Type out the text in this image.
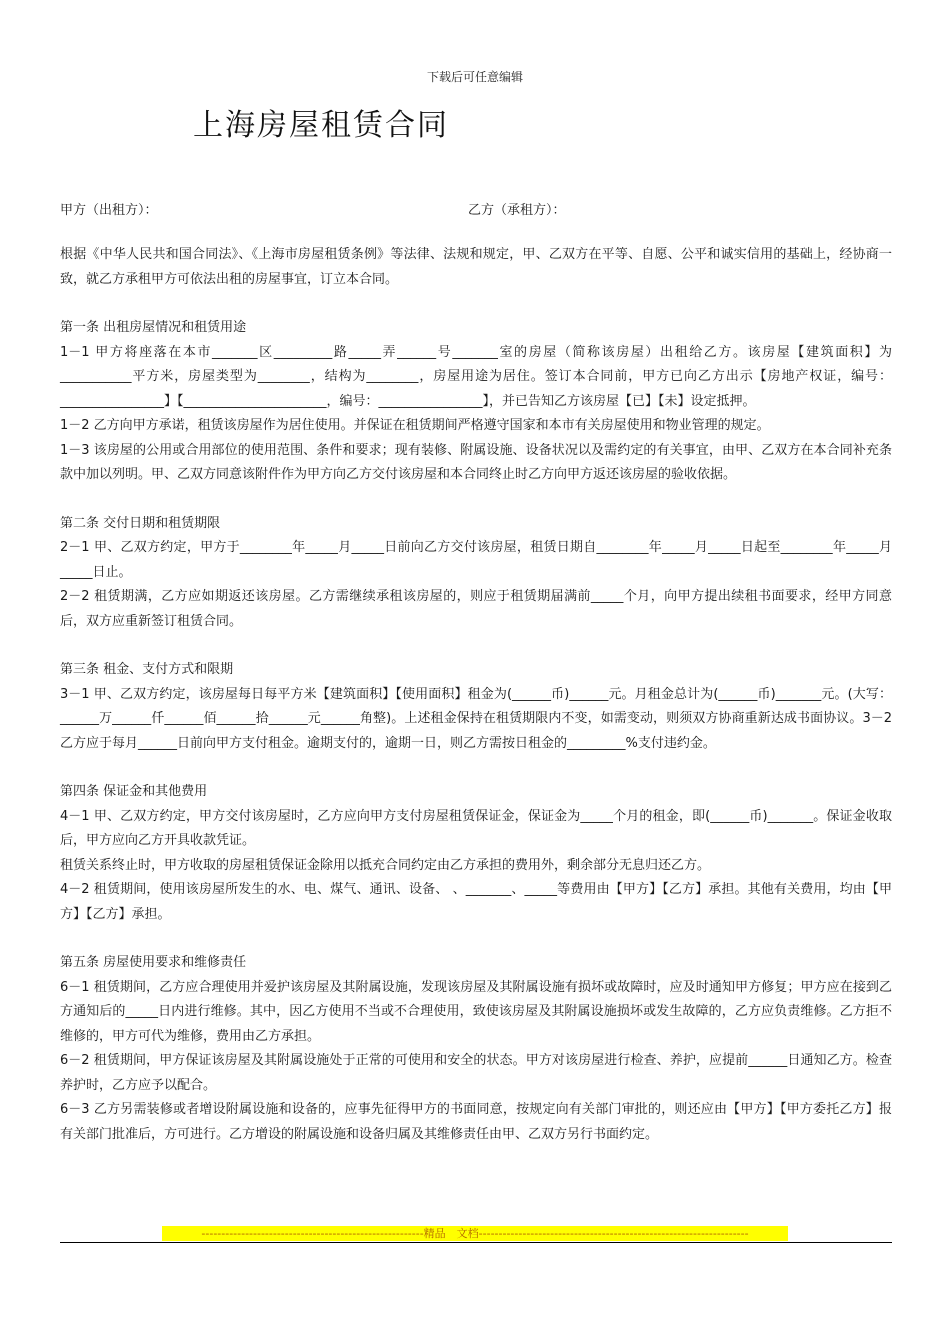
下载后可任意编辑
上海房屋租赁合同
甲方（出租方）：	乙方（承租方）：

根据《中华人民共和国合同法》、《上海市房屋租赁条例》等法律、法规和规定，甲、乙双方在平等、自愿、公平和诚实信用的基础上，经协商一致，就乙方承租甲方可依法出租的房屋事宜，订立本合同。

第一条 出租房屋情况和租赁用途

1－1 甲方将座落在本市_______区_________路_____弄______号_______室的房屋（简称该房屋）出租给乙方。该房屋【建筑面积】为___________平方米，房屋类型为________，结构为________，房屋用途为居住。签订本合同前，甲方已向乙方出示【房地产权证，编号：________________】【______________________，编号：________________】，并已告知乙方该房屋【已】【未】设定抵押。

1－2 乙方向甲方承诺，租赁该房屋作为居住使用。并保证在租赁期间严格遵守国家和本市有关房屋使用和物业管理的规定。

1－3 该房屋的公用或合用部位的使用范围、条件和要求；现有装修、附属设施、设备状况以及需约定的有关事宜，由甲、乙双方在本合同补充条款中加以列明。甲、乙双方同意该附件作为甲方向乙方交付该房屋和本合同终止时乙方向甲方返还该房屋的验收依据。

第二条 交付日期和租赁期限

2－1 甲、乙双方约定，甲方于________年_____月_____日前向乙方交付该房屋，租赁日期自________年_____月_____日起至________年_____月_____日止。

2－2 租赁期满，乙方应如期返还该房屋。乙方需继续承租该房屋的，则应于租赁期届满前_____个月，向甲方提出续租书面要求，经甲方同意后，双方应重新签订租赁合同。

第三条 租金、支付方式和限期

3－1 甲、乙双方约定，该房屋每日每平方米【建筑面积】【使用面积】租金为(______币)______元。月租金总计为(______币)_______元。(大写：______万______仟______佰______拾______元______角整)。上述租金保持在租赁期限内不变，如需变动，则须双方协商重新达成书面协议。3－2 乙方应于每月______日前向甲方支付租金。逾期支付的，逾期一日，则乙方需按日租金的_________%支付违约金。

第四条 保证金和其他费用

4－1 甲、乙双方约定，甲方交付该房屋时，乙方应向甲方支付房屋租赁保证金，保证金为_____个月的租金，即(______币)_______。保证金收取后，甲方应向乙方开具收款凭证。

租赁关系终止时，甲方收取的房屋租赁保证金除用以抵充合同约定由乙方承担的费用外，剩余部分无息归还乙方。

4－2 租赁期间，使用该房屋所发生的水、电、煤气、通讯、设备、 、_______、_____等费用由【甲方】【乙方】承担。其他有关费用，均由【甲方】【乙方】承担。

第五条 房屋使用要求和维修责任

6－1 租赁期间，乙方应合理使用并爱护该房屋及其附属设施，发现该房屋及其附属设施有损坏或故障时，应及时通知甲方修复；甲方应在接到乙方通知后的_____日内进行维修。其中，因乙方使用不当或不合理使用，致使该房屋及其附属设施损坏或发生故障的，乙方应负责维修。乙方拒不维修的，甲方可代为维修，费用由乙方承担。

6－2 租赁期间，甲方保证该房屋及其附属设施处于正常的可使用和安全的状态。甲方对该房屋进行检查、养护，应提前______日通知乙方。检查养护时，乙方应予以配合。

6－3 乙方另需装修或者增设附属设施和设备的，应事先征得甲方的书面同意，按规定向有关部门审批的，则还应由【甲方】【甲方委托乙方】报有关部门批准后，方可进行。乙方增设的附属设施和设备归属及其维修责任由甲、乙双方另行书面约定。

--------------------------------------------------------精品　文档--------------------------------------------------------------------
